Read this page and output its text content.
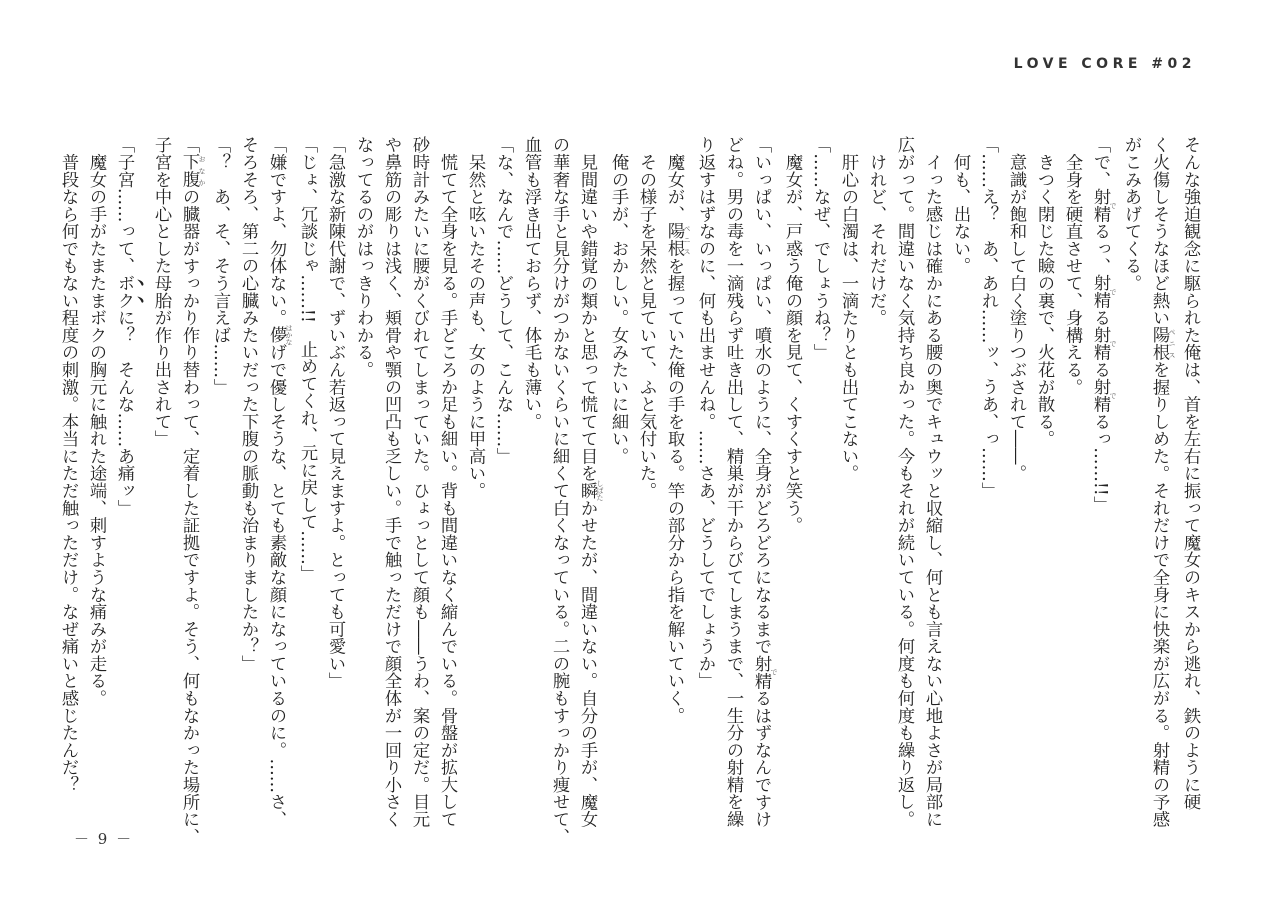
LOVE CORE #02
そんな強迫観念に駆られた俺は、首を左右に振って魔女のキスから逃れ、鉄のように硬
く火傷しそうなほど熱い陽根 ペニスを握りしめた。それだけで全身に快楽が広がる。射精の予感
がこみあげてくる。
「で、射精 でるっ、射精 でる射精 でる射精 でるっ……!!」
　全身を硬直させて、身構える。
　きつく閉じた瞼の裏で、火花が散る。
　意識が飽和して白く塗りつぶされて――。
「……え？　あ、あれ……ッ、うあ、っ……」
　何も、出ない。
　イった感じは確かにある腰の奥でキュウッと収縮し、何とも言えない心地よさが局部に
広がって。間違いなく気持ち良かった。今もそれが続いている。何度も何度も繰り返し。
　けれど、それだけだ。
　肝心の白濁は、一滴たりとも出てこない。
「……なぜ、でしょうね？」
　魔女が、戸惑う俺の顔を見て、くすくすと笑う。
「いっぱい、いっぱい、噴水のように、全身がどろどろになるまで射精 でるはずなんですけ
どね。男の毒を一滴残らず吐き出して、精巣が干からびてしまうまで、一生分の射精を繰
り返すはずなのに、何も出ませんね。……さあ、どうしてでしょうか」
　魔女が、陽根 ペニスを握っていた俺の手を取る。竿の部分から指を解いていく。
　その様子を呆然と見ていて、ふと気付いた。
　俺の手が、おかしい。女みたいに細い。
　見間違いや錯覚の類かと思って慌てて目を瞬 しばたかせたが、間違いない。自分の手が、魔女
の華奢な手と見分けがつかないくらいに細くて白くなっている。二の腕もすっかり痩せて、
血管も浮き出ておらず、体毛も薄い。
「な、なんで……どうして、こんな……」
　呆然と呟いたその声も、女のように甲高い。
　慌てて全身を見る。手どころか足も細い。背も間違いなく縮んでいる。骨盤が拡大して
砂時計みたいに腰がくびれてしまっていた。ひょっとして顔も――うわ、案の定だ。目元
や鼻筋の彫りは浅く、頬骨や顎の凹凸も乏しい。手で触っただけで顔全体が一回り小さく
なってるのがはっきりわかる。
「急激な新陳代謝で、ずいぶん若返って見えますよ。とっても可愛い」
「じょ、冗談じゃ……!!　止めてくれ、元に戻して……」
「嫌ですよ、勿体ない。儚 はかなげで優しそうな、とても素敵な顔になっているのに。……さ、
そろそろ、第二の心臓みたいだった下腹の脈動も治まりましたか？」
「？　あ、そ、そう言えば……」
「下腹 おなかの臓器がすっかり作り替わって、定着した証拠ですよ。そう、何もなかった場所に、
子宮を中心とした母胎が作り出されて」
「子宮……って、ボクに？　そんな……あ痛ッ」
　魔女の手がたまたまボクの胸元に触れた途端、刺すような痛みが走る。
　普段なら何でもない程度の刺激。本当にただ触っただけ。なぜ痛いと感じたんだ？
－ 9 －
